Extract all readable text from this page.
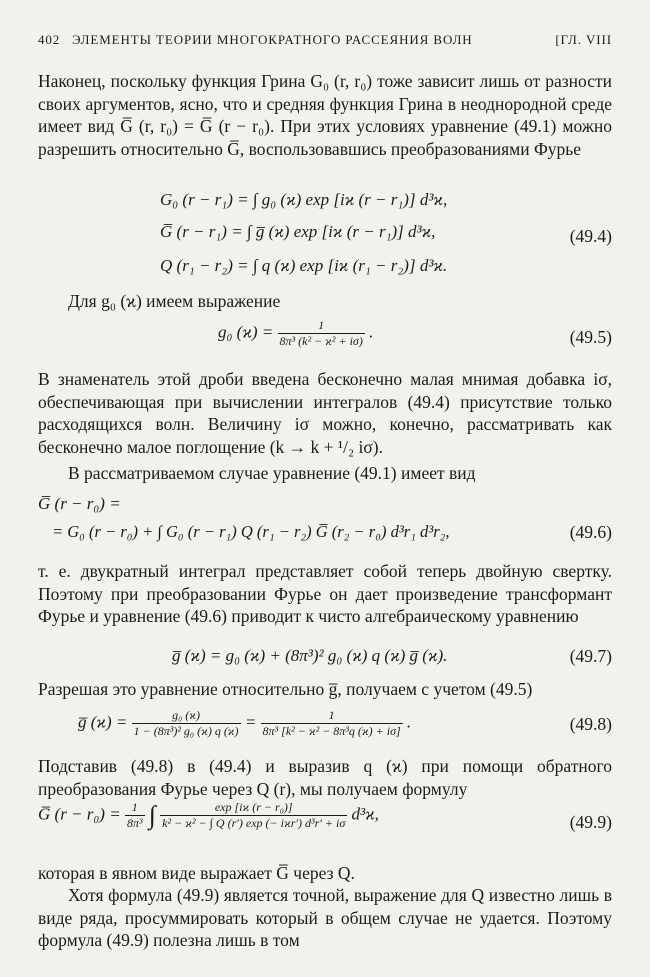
402 ЭЛЕМЕНТЫ ТЕОРИИ МНОГОКРАТНОГО РАССЕЯНИЯ ВОЛН	[ГЛ. VIII
Наконец, поскольку функция Грина G₀ (r, r₀) тоже зависит лишь от разности своих аргументов, ясно, что и средняя функция Грина в неоднородной среде имеет вид G̅ (r, r₀) = G̅ (r − r₀). При этих условиях уравнение (49.1) можно разрешить относительно G̅, воспользовавшись преобразованиями Фурье
G₀ (r − r₁) = ∫ g₀ (ϰ) exp [iϰ (r − r₁)] d³ϰ,
G̅ (r − r₁) = ∫ g̅ (ϰ) exp [iϰ (r − r₁)] d³ϰ,
Q (r₁ − r₂) = ∫ q (ϰ) exp [iϰ (r₁ − r₂)] d³ϰ.
(49.4)
Для g₀ (ϰ) имеем выражение
g₀ $(ϰ) = \frac{1}{\text{8π³ (k² − ϰ² + iσ)}}$ .	(49.5)
В знаменатель этой дроби введена бесконечно малая мнимая добавка iσ, обеспечивающая при вычислении интегралов (49.4) присутствие только расходящихся волн. Величину iσ можно, конечно, рассматривать как бесконечно малое поглощение (k → k + ¹/₂ iσ).
В рассматриваемом случае уравнение (49.1) имеет вид
G̅ (r − r₀) =
= G₀ (r − r₀) + ∫ G₀ (r − r₁) Q (r₁ − r₂) G̅ (r₂ − r₀) d³r₁ d³r₂,	(49.6)
т. е. двукратный интеграл представляет собой теперь двойную свертку. Поэтому при преобразовании Фурье он дает произведение трансформант Фурье и уравнение (49.6) приводит к чисто алгебраическому уравнению
g̅ (ϰ) = g₀ (ϰ) + (8π³)² g₀ (ϰ) q (ϰ) g̅ (ϰ).	(49.7)
Разрешая это уравнение относительно g̅, получаем с учетом (49.5)
g̅ $(ϰ) = \frac{\text{g₀ (ϰ)}}{\text{1 − (8π³)² g₀ (ϰ) q (ϰ)}} = \frac{1}{\text{8π³ [k² − ϰ² − 8π³q (ϰ) + iσ]}}$ .	(49.8)
Подставив (49.8) в (49.4) и выразив q (ϰ) при помощи обратного преобразования Фурье через Q (r), мы получаем формулу
G̅ $(r - r_0) = \frac{1}{\text{8π³}}$ ∫ $\frac{\text{exp [iϰ (r − r₀)]}}{\text{k² − ϰ² − ∫ Q (r′) exp (− iϰr′) d³r′ + iσ}} d^3ϰ$,	(49.9)
которая в явном виде выражает G̅ через Q.
Хотя формула (49.9) является точной, выражение для Q известно лишь в виде ряда, просуммировать который в общем случае не удается. Поэтому формула (49.9) полезна лишь в том
